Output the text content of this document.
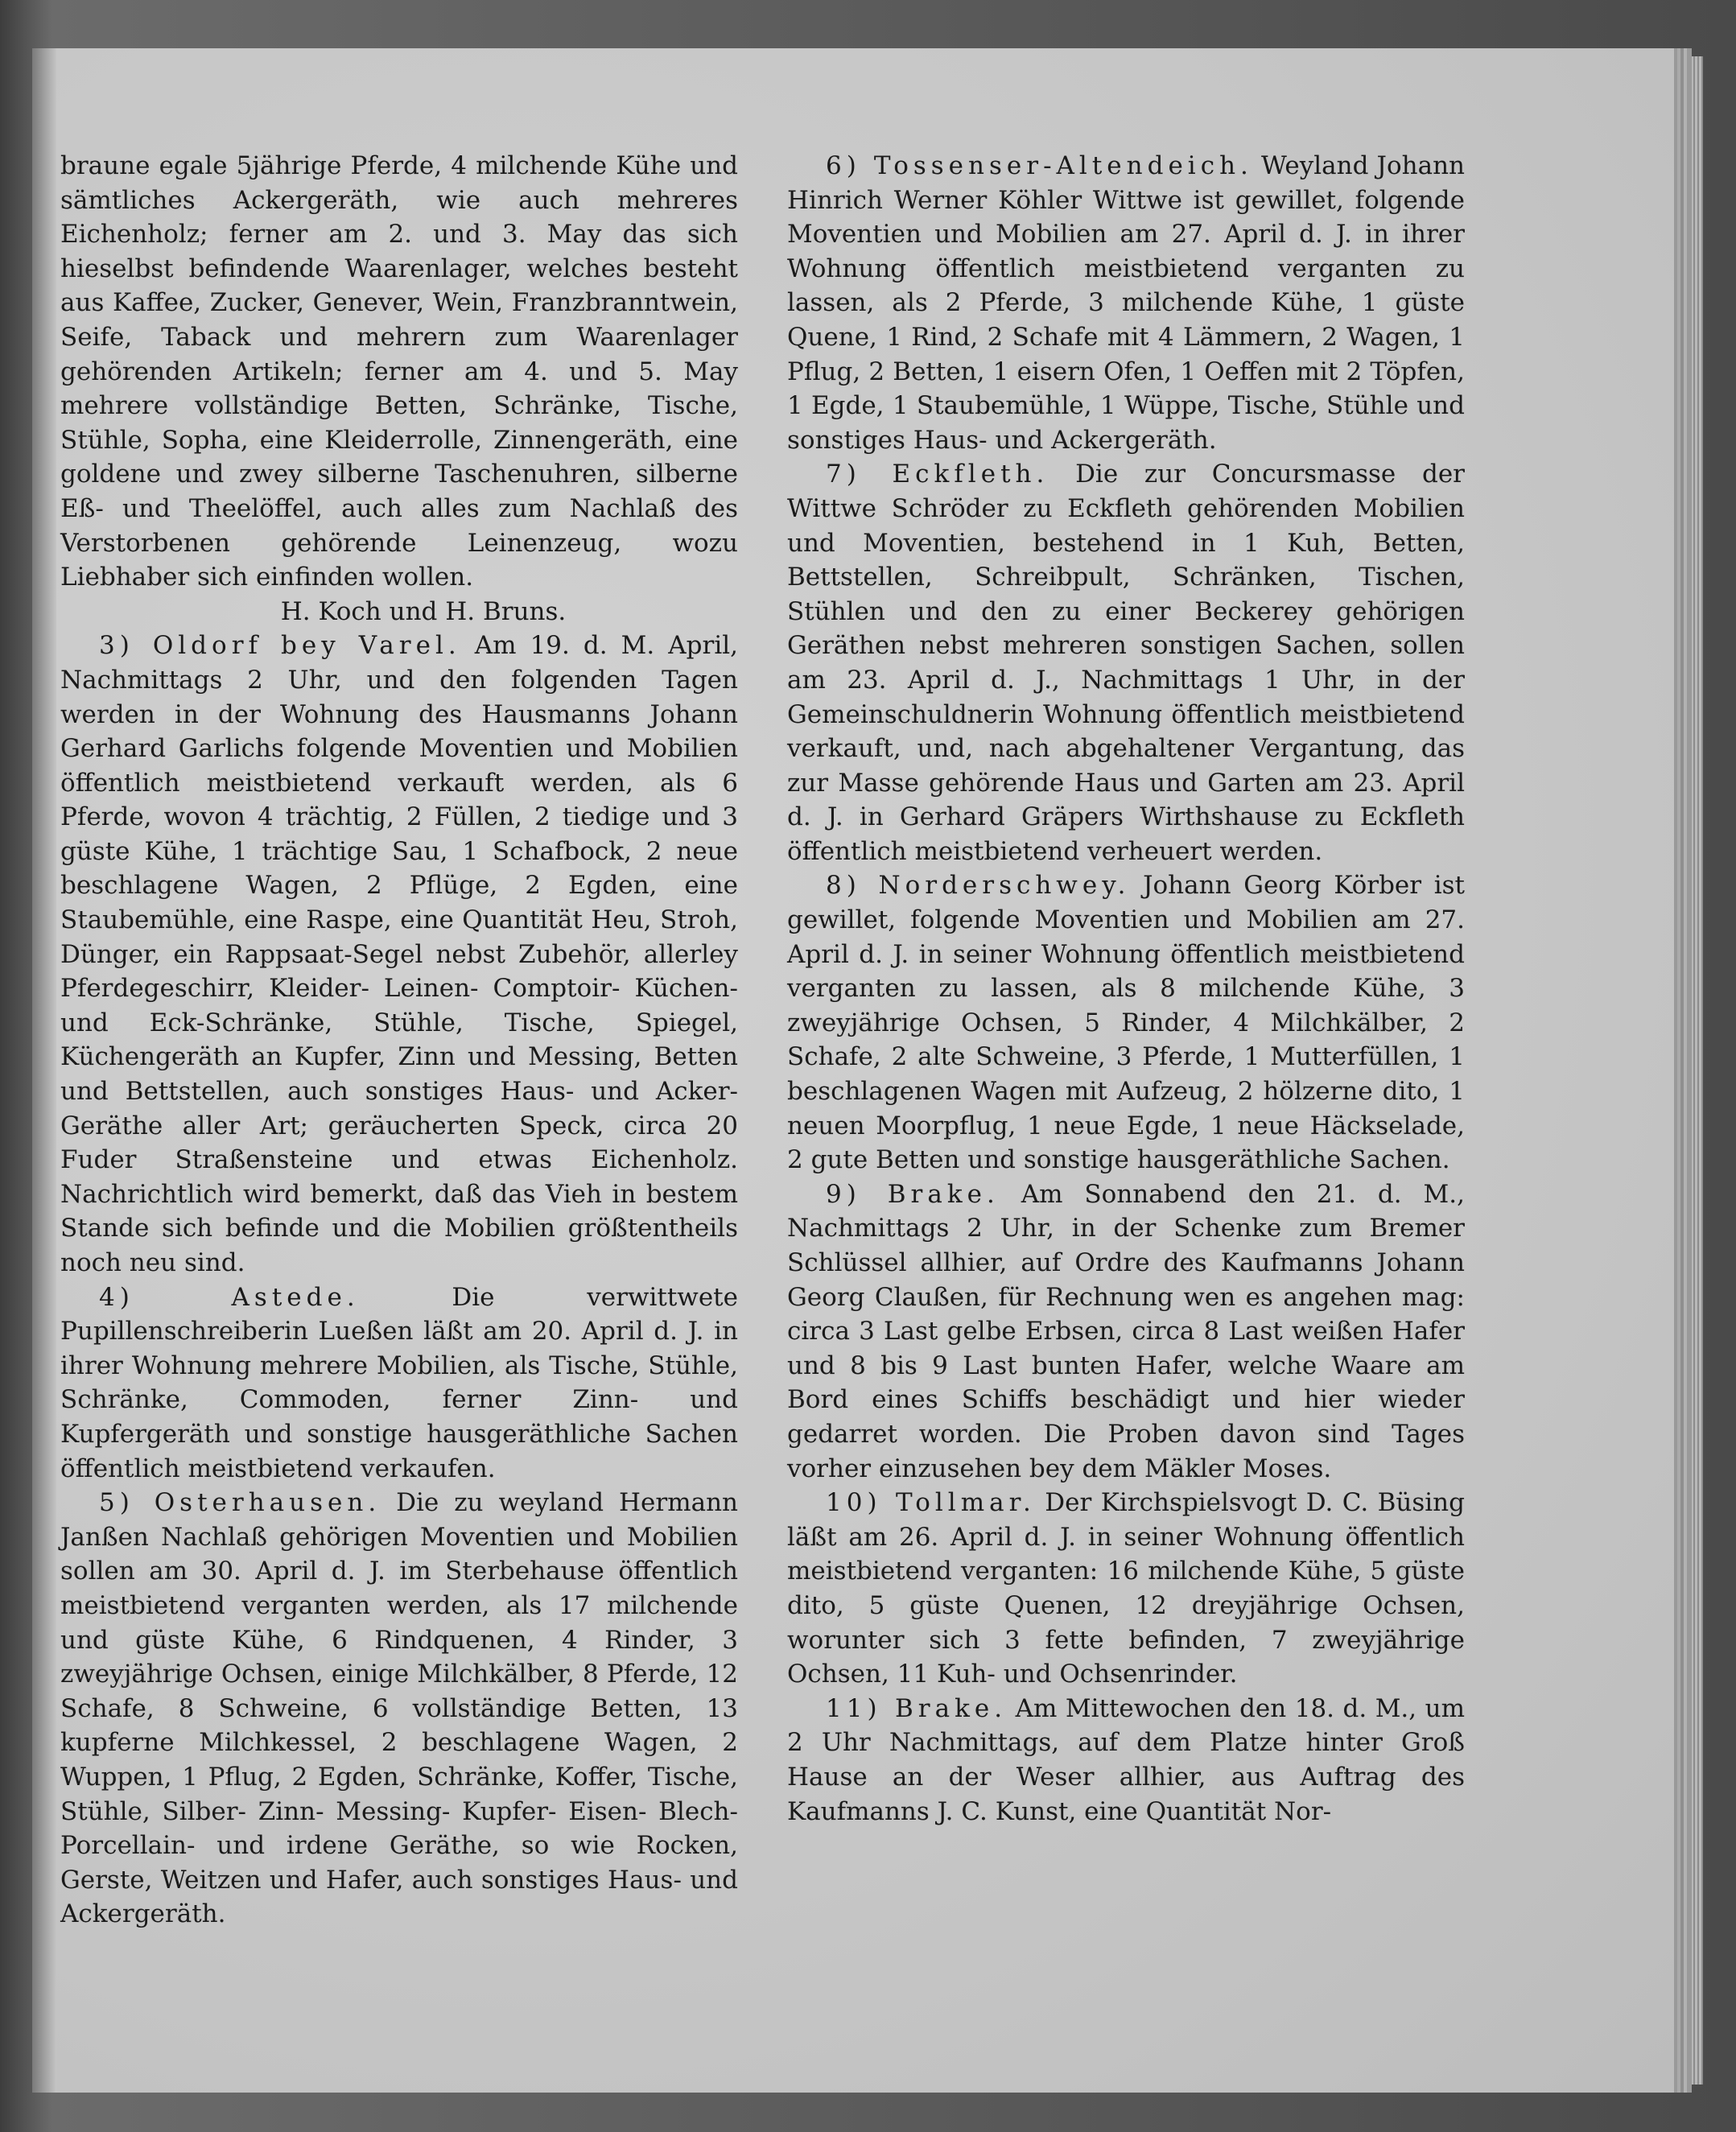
braune egale 5jährige Pferde, 4 milchende Kühe und sämtliches Ackergeräth, wie auch mehreres Eichenholz; ferner am 2. und 3. May das sich hieselbst befindende Waarenlager, welches besteht aus Kaffee, Zucker, Genever, Wein, Franzbranntwein, Seife, Taback und mehrern zum Waarenlager gehörenden Artikeln; ferner am 4. und 5. May mehrere vollständige Betten, Schränke, Tische, Stühle, Sopha, eine Kleiderrolle, Zinnengeräth, eine goldene und zwey silberne Taschenuhren, silberne Eß- und Theelöffel, auch alles zum Nachlaß des Verstorbenen gehörende Leinenzeug, wozu Liebhaber sich einfinden wollen.

H. Koch und H. Bruns.

3) Oldorf bey Varel. Am 19. d. M. April, Nachmittags 2 Uhr, und den folgenden Tagen werden in der Wohnung des Hausmanns Johann Gerhard Garlichs folgende Moventien und Mobilien öffentlich meistbietend verkauft werden, als 6 Pferde, wovon 4 trächtig, 2 Füllen, 2 tiedige und 3 güste Kühe, 1 trächtige Sau, 1 Schafbock, 2 neue beschlagene Wagen, 2 Pflüge, 2 Egden, eine Staubemühle, eine Raspe, eine Quantität Heu, Stroh, Dünger, ein Rappsaat-Segel nebst Zubehör, allerley Pferdegeschirr, Kleider- Leinen- Comptoir- Küchen- und Eck-Schränke, Stühle, Tische, Spiegel, Küchengeräth an Kupfer, Zinn und Messing, Betten und Bettstellen, auch sonstiges Haus- und Acker-Geräthe aller Art; geräucherten Speck, circa 20 Fuder Straßensteine und etwas Eichenholz. Nachrichtlich wird bemerkt, daß das Vieh in bestem Stande sich befinde und die Mobilien größtentheils noch neu sind.

4) Astede. Die verwittwete Pupillenschreiberin Lueßen läßt am 20. April d. J. in ihrer Wohnung mehrere Mobilien, als Tische, Stühle, Schränke, Commoden, ferner Zinn- und Kupfergeräth und sonstige hausgeräthliche Sachen öffentlich meistbietend verkaufen.

5) Osterhausen. Die zu weyland Hermann Janßen Nachlaß gehörigen Moventien und Mobilien sollen am 30. April d. J. im Sterbehause öffentlich meistbietend verganten werden, als 17 milchende und güste Kühe, 6 Rindquenen, 4 Rinder, 3 zweyjährige Ochsen, einige Milchkälber, 8 Pferde, 12 Schafe, 8 Schweine, 6 vollständige Betten, 13 kupferne Milchkessel, 2 beschlagene Wagen, 2 Wuppen, 1 Pflug, 2 Egden, Schränke, Koffer, Tische, Stühle, Silber- Zinn- Messing- Kupfer- Eisen- Blech- Porcellain- und irdene Geräthe, so wie Rocken, Gerste, Weitzen und Hafer, auch sonstiges Haus- und Ackergeräth.

6) Tossenser-Altendeich. Weyland Johann Hinrich Werner Köhler Wittwe ist gewillet, folgende Moventien und Mobilien am 27. April d. J. in ihrer Wohnung öffentlich meistbietend verganten zu lassen, als 2 Pferde, 3 milchende Kühe, 1 güste Quene, 1 Rind, 2 Schafe mit 4 Lämmern, 2 Wagen, 1 Pflug, 2 Betten, 1 eisern Ofen, 1 Oeffen mit 2 Töpfen, 1 Egde, 1 Staubemühle, 1 Wüppe, Tische, Stühle und sonstiges Haus- und Ackergeräth.

7) Eckfleth. Die zur Concursmasse der Wittwe Schröder zu Eckfleth gehörenden Mobilien und Moventien, bestehend in 1 Kuh, Betten, Bettstellen, Schreibpult, Schränken, Tischen, Stühlen und den zu einer Beckerey gehörigen Geräthen nebst mehreren sonstigen Sachen, sollen am 23. April d. J., Nachmittags 1 Uhr, in der Gemeinschuldnerin Wohnung öffentlich meistbietend verkauft, und, nach abgehaltener Vergantung, das zur Masse gehörende Haus und Garten am 23. April d. J. in Gerhard Gräpers Wirthshause zu Eckfleth öffentlich meistbietend verheuert werden.

8) Norderschwey. Johann Georg Körber ist gewillet, folgende Moventien und Mobilien am 27. April d. J. in seiner Wohnung öffentlich meistbietend verganten zu lassen, als 8 milchende Kühe, 3 zweyjährige Ochsen, 5 Rinder, 4 Milchkälber, 2 Schafe, 2 alte Schweine, 3 Pferde, 1 Mutterfüllen, 1 beschlagenen Wagen mit Aufzeug, 2 hölzerne dito, 1 neuen Moorpflug, 1 neue Egde, 1 neue Häckselade, 2 gute Betten und sonstige hausgeräthliche Sachen.

9) Brake. Am Sonnabend den 21. d. M., Nachmittags 2 Uhr, in der Schenke zum Bremer Schlüssel allhier, auf Ordre des Kaufmanns Johann Georg Claußen, für Rechnung wen es angehen mag: circa 3 Last gelbe Erbsen, circa 8 Last weißen Hafer und 8 bis 9 Last bunten Hafer, welche Waare am Bord eines Schiffs beschädigt und hier wieder gedarret worden. Die Proben davon sind Tages vorher einzusehen bey dem Mäkler Moses.

10) Tollmar. Der Kirchspielsvogt D. C. Büsing läßt am 26. April d. J. in seiner Wohnung öffentlich meistbietend verganten: 16 milchende Kühe, 5 güste dito, 5 güste Quenen, 12 dreyjährige Ochsen, worunter sich 3 fette befinden, 7 zweyjährige Ochsen, 11 Kuh- und Ochsenrinder.

11) Brake. Am Mittewochen den 18. d. M., um 2 Uhr Nachmittags, auf dem Platze hinter Groß Hause an der Weser allhier, aus Auftrag des Kaufmanns J. C. Kunst, eine Quantität Nor-
